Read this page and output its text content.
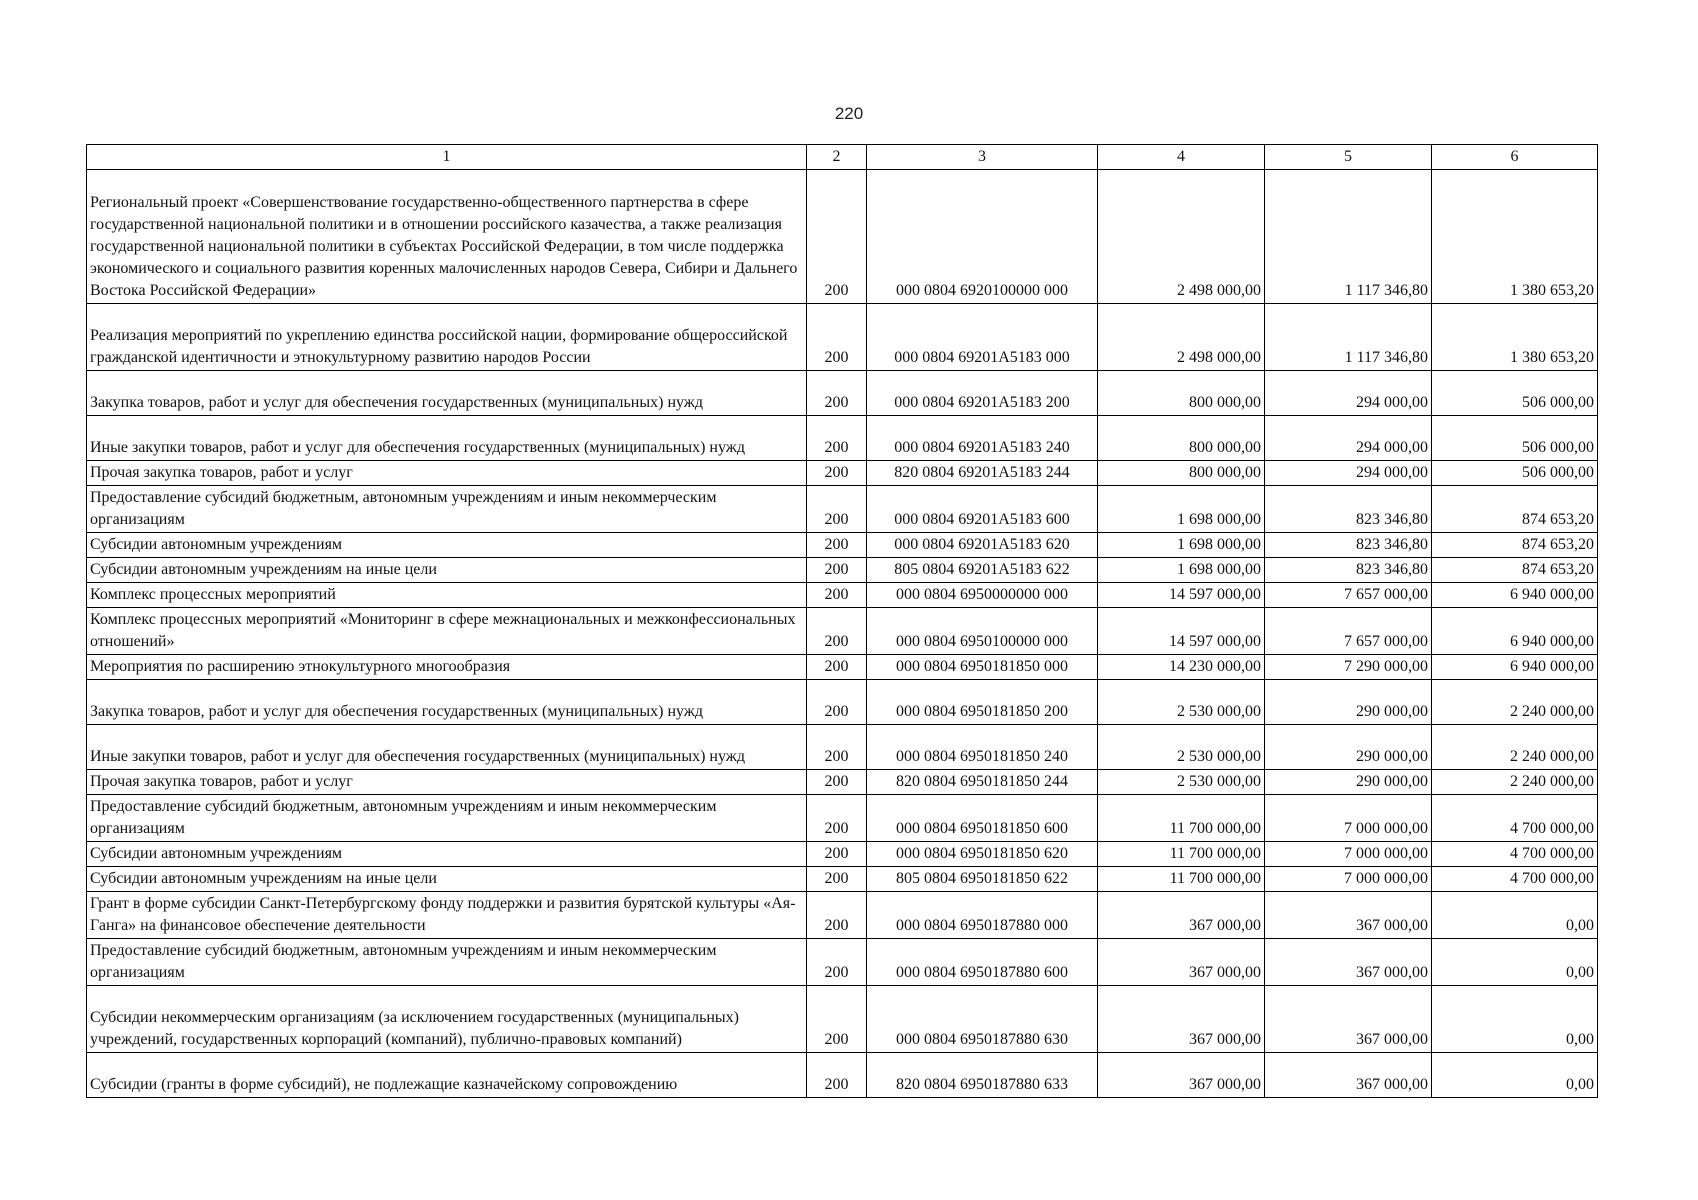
220
1	2	3	4	5	6
Региональный проект «Совершенствование государственно-общественного партнерства в сфере государственной национальной политики и в отношении российского казачества, а также реализация государственной национальной политики в субъектах Российской Федерации, в том числе поддержка экономического и социального развития коренных малочисленных народов Севера, Сибири и Дальнего Востока Российской Федерации»	200	000 0804 6920100000 000	2 498 000,00	1 117 346,80	1 380 653,20
Реализация мероприятий по укреплению единства российской нации, формирование общероссийской гражданской идентичности и этнокультурному развитию народов России	200	000 0804 69201A5183 000	2 498 000,00	1 117 346,80	1 380 653,20
Закупка товаров, работ и услуг для обеспечения государственных (муниципальных) нужд	200	000 0804 69201A5183 200	800 000,00	294 000,00	506 000,00
Иные закупки товаров, работ и услуг для обеспечения государственных (муниципальных) нужд	200	000 0804 69201A5183 240	800 000,00	294 000,00	506 000,00
Прочая закупка товаров, работ и услуг	200	820 0804 69201A5183 244	800 000,00	294 000,00	506 000,00
Предоставление субсидий бюджетным, автономным учреждениям и иным некоммерческим организациям	200	000 0804 69201A5183 600	1 698 000,00	823 346,80	874 653,20
Субсидии автономным учреждениям	200	000 0804 69201A5183 620	1 698 000,00	823 346,80	874 653,20
Субсидии автономным учреждениям на иные цели	200	805 0804 69201A5183 622	1 698 000,00	823 346,80	874 653,20
Комплекс процессных мероприятий	200	000 0804 6950000000 000	14 597 000,00	7 657 000,00	6 940 000,00
Комплекс процессных мероприятий «Мониторинг в сфере межнациональных и межконфессиональных отношений»	200	000 0804 6950100000 000	14 597 000,00	7 657 000,00	6 940 000,00
Мероприятия по расширению этнокультурного многообразия	200	000 0804 6950181850 000	14 230 000,00	7 290 000,00	6 940 000,00
Закупка товаров, работ и услуг для обеспечения государственных (муниципальных) нужд	200	000 0804 6950181850 200	2 530 000,00	290 000,00	2 240 000,00
Иные закупки товаров, работ и услуг для обеспечения государственных (муниципальных) нужд	200	000 0804 6950181850 240	2 530 000,00	290 000,00	2 240 000,00
Прочая закупка товаров, работ и услуг	200	820 0804 6950181850 244	2 530 000,00	290 000,00	2 240 000,00
Предоставление субсидий бюджетным, автономным учреждениям и иным некоммерческим организациям	200	000 0804 6950181850 600	11 700 000,00	7 000 000,00	4 700 000,00
Субсидии автономным учреждениям	200	000 0804 6950181850 620	11 700 000,00	7 000 000,00	4 700 000,00
Субсидии автономным учреждениям на иные цели	200	805 0804 6950181850 622	11 700 000,00	7 000 000,00	4 700 000,00
Грант в форме субсидии Санкт-Петербургскому фонду поддержки и развития бурятской культуры «Ая-Ганга» на финансовое обеспечение деятельности	200	000 0804 6950187880 000	367 000,00	367 000,00	0,00
Предоставление субсидий бюджетным, автономным учреждениям и иным некоммерческим организациям	200	000 0804 6950187880 600	367 000,00	367 000,00	0,00
Субсидии некоммерческим организациям (за исключением государственных (муниципальных) учреждений, государственных корпораций (компаний), публично-правовых компаний)	200	000 0804 6950187880 630	367 000,00	367 000,00	0,00
Субсидии (гранты в форме субсидий), не подлежащие казначейскому сопровождению	200	820 0804 6950187880 633	367 000,00	367 000,00	0,00
